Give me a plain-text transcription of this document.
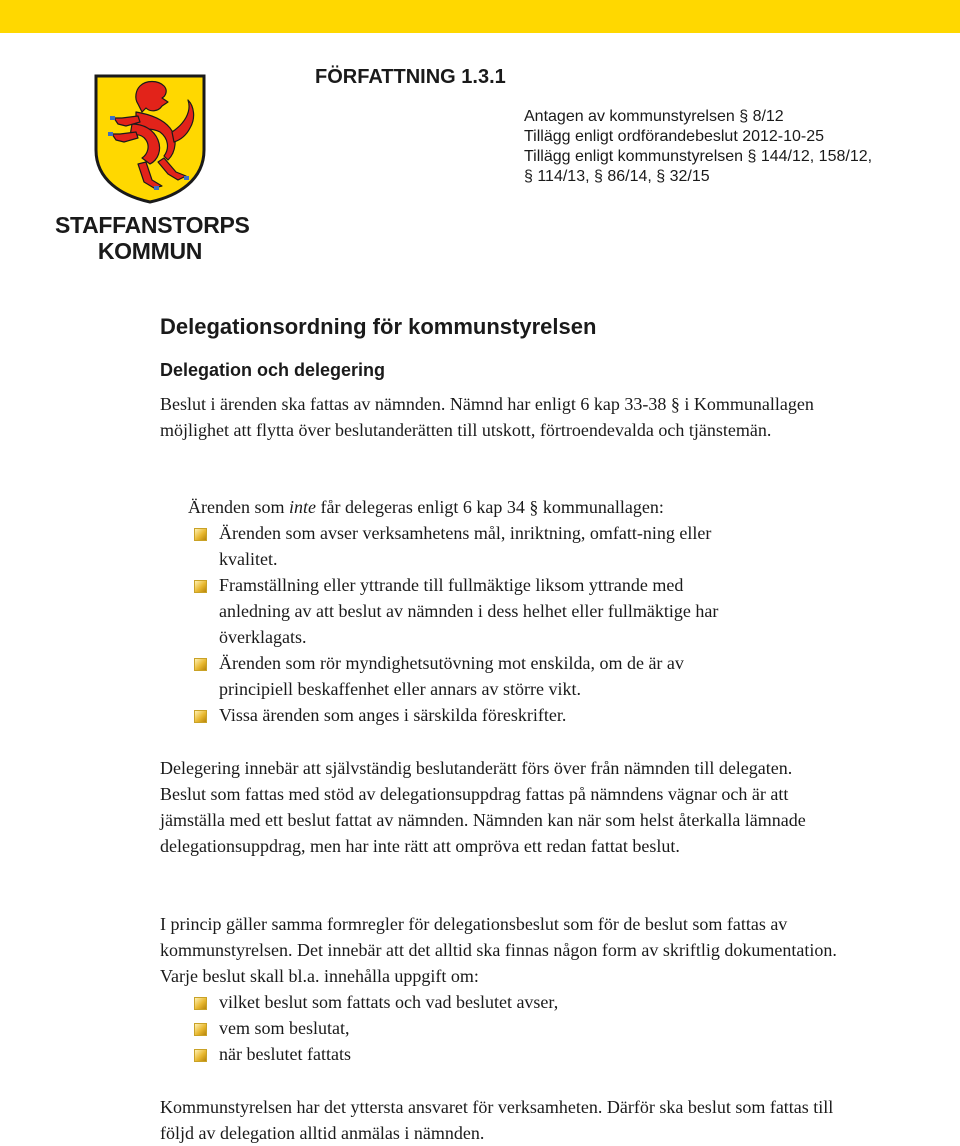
STAFFANSTORPS
KOMMUN
FÖRFATTNING 1.3.1
Antagen av kommunstyrelsen § 8/12
Tillägg enligt ordförandebeslut 2012-10-25
Tillägg enligt kommunstyrelsen § 144/12, 158/12,
§ 114/13, § 86/14, § 32/15
Delegationsordning för kommunstyrelsen
Delegation och delegering

Beslut i ärenden ska fattas av nämnden. Nämnd har enligt 6 kap 33-38 § i Kommunallagen möjlighet att flytta över beslutanderätten till utskott, förtroendevalda och tjänstemän.

Ärenden som inte får delegeras enligt 6 kap 34 § kommunallagen:

Ärenden som avser verksamhetens mål, inriktning, omfatt-ning eller kvalitet.
Framställning eller yttrande till fullmäktige liksom yttrande med anledning av att beslut av nämnden i dess helhet eller fullmäktige har överklagats.
Ärenden som rör myndighetsutövning mot enskilda, om de är av principiell beskaffenhet eller annars av större vikt.
Vissa ärenden som anges i särskilda föreskrifter.

Delegering innebär att självständig beslutanderätt förs över från nämnden till delegaten. Beslut som fattas med stöd av delegationsuppdrag fattas på nämndens vägnar och är att jämställa med ett beslut fattat av nämnden. Nämnden kan när som helst återkalla lämnade delegationsuppdrag, men har inte rätt att ompröva ett redan fattat beslut.

I princip gäller samma formregler för delegationsbeslut som för de beslut som fattas av kommunstyrelsen. Det innebär att det alltid ska finnas någon form av skriftlig dokumentation. Varje beslut skall bl.a. innehålla uppgift om:

vilket beslut som fattats och vad beslutet avser,
vem som beslutat,
när beslutet fattats

Kommunstyrelsen har det yttersta ansvaret för verksamheten. Därför ska beslut som fattas till följd av delegation alltid anmälas i nämnden.
